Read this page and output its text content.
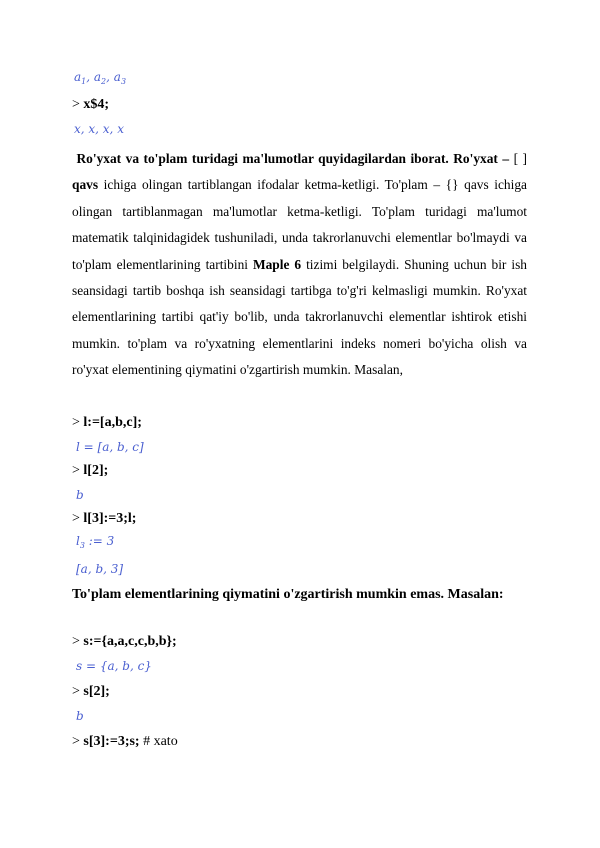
$a_1$, $a_2$, $a_3$
> x$4;
x, x, x, x
Ro'yxat va to'plam turidagi ma'lumotlar quyidagilardan iborat. Ro'yxat – [ ] qavs ichiga olingan tartiblangan ifodalar ketma-ketligi. To'plam – {} qavs ichiga olingan tartiblanmagan ma'lumotlar ketma-ketligi. To'plam turidagi ma'lumot matematik talqinidagidek tushuniladi, unda takrorlanuvchi elementlar bo'lmaydi va to'plam elementlarining tartibini Maple 6 tizimi belgilaydi. Shuning uchun bir ish seansidagi tartib boshqa ish seansidagi tartibga to'g'ri kelmasligi mumkin. Ro'yxat elementlarining tartibi qat'iy bo'lib, unda takrorlanuvchi elementlar ishtirok etishi mumkin. to'plam va ro'yxatning elementlarini indeks nomeri bo'yicha olish va ro'yxat elementining qiymatini o'zgartirish mumkin. Masalan,
> l:=[a,b,c];
l = [a, b, c]
> l[2];
b
> l[3]:=3;l;
$l_3$ := 3
[a, b, 3]
To'plam elementlarining qiymatini o'zgartirish mumkin emas. Masalan:
> s:={a,a,c,c,b,b};
s = {a, b, c}
> s[2];
b
> s[3]:=3;s; # xato
